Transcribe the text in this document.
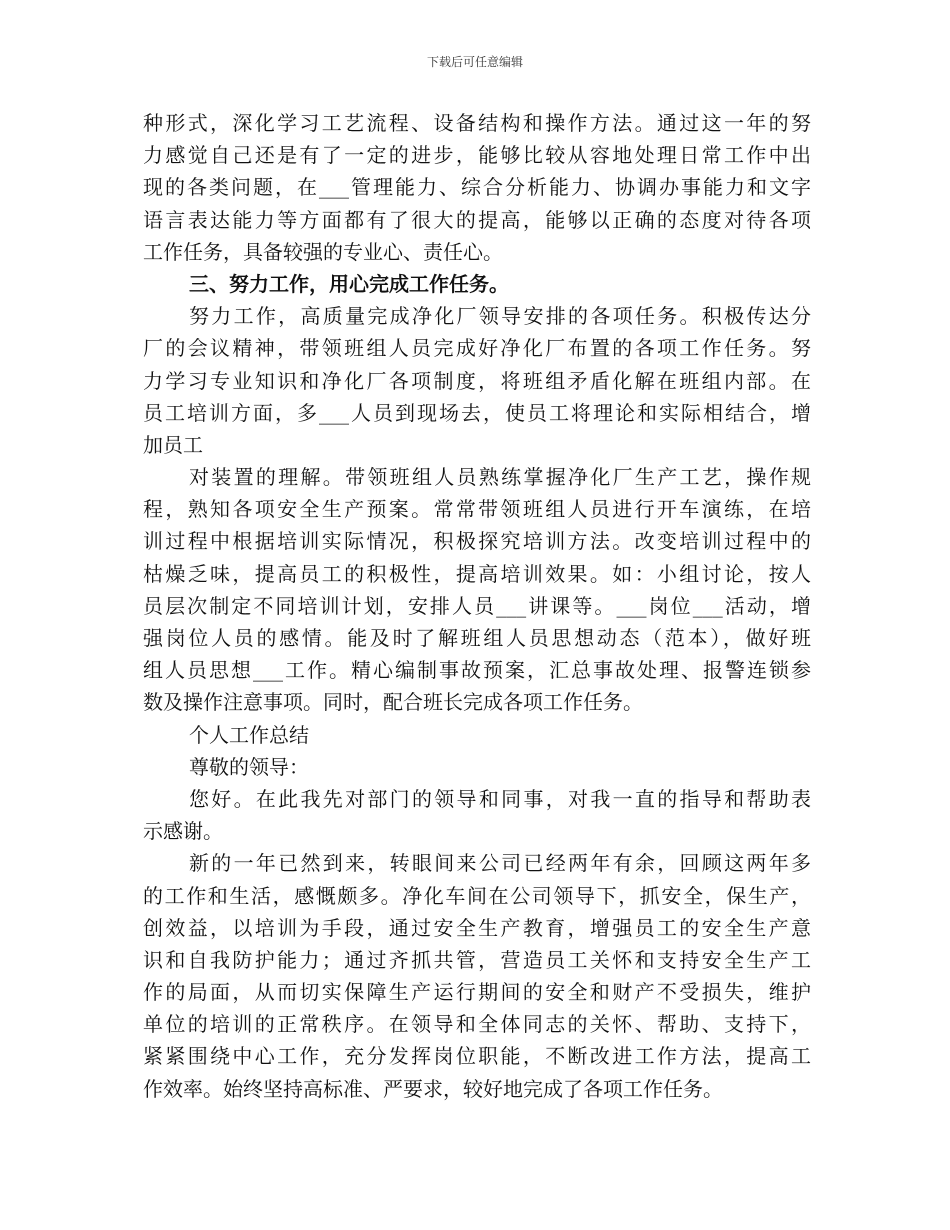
下载后可任意编辑
种形式，深化学习工艺流程、设备结构和操作方法。通过这一年的努
力感觉自己还是有了一定的进步，能够比较从容地处理日常工作中出
现的各类问题，在___管理能力、综合分析能力、协调办事能力和文字
语言表达能力等方面都有了很大的提高，能够以正确的态度对待各项
工作任务，具备较强的专业心、责任心。
三、努力工作，用心完成工作任务。
努力工作，高质量完成净化厂领导安排的各项任务。积极传达分
厂的会议精神，带领班组人员完成好净化厂布置的各项工作任务。努
力学习专业知识和净化厂各项制度，将班组矛盾化解在班组内部。在
员工培训方面，多___人员到现场去，使员工将理论和实际相结合，增
加员工
对装置的理解。带领班组人员熟练掌握净化厂生产工艺，操作规
程，熟知各项安全生产预案。常常带领班组人员进行开车演练，在培
训过程中根据培训实际情况，积极探究培训方法。改变培训过程中的
枯燥乏味，提高员工的积极性，提高培训效果。如：小组讨论，按人
员层次制定不同培训计划，安排人员___讲课等。___岗位___活动，增
强岗位人员的感情。能及时了解班组人员思想动态（范本），做好班
组人员思想___工作。精心编制事故预案，汇总事故处理、报警连锁参
数及操作注意事项。同时，配合班长完成各项工作任务。
个人工作总结
尊敬的领导：
您好。在此我先对部门的领导和同事，对我一直的指导和帮助表
示感谢。
新的一年已然到来，转眼间来公司已经两年有余，回顾这两年多
的工作和生活，感慨颇多。净化车间在公司领导下，抓安全，保生产，
创效益，以培训为手段，通过安全生产教育，增强员工的安全生产意
识和自我防护能力；通过齐抓共管，营造员工关怀和支持安全生产工
作的局面，从而切实保障生产运行期间的安全和财产不受损失，维护
单位的培训的正常秩序。在领导和全体同志的关怀、帮助、支持下，
紧紧围绕中心工作，充分发挥岗位职能，不断改进工作方法，提高工
作效率。始终坚持高标准、严要求，较好地完成了各项工作任务。
